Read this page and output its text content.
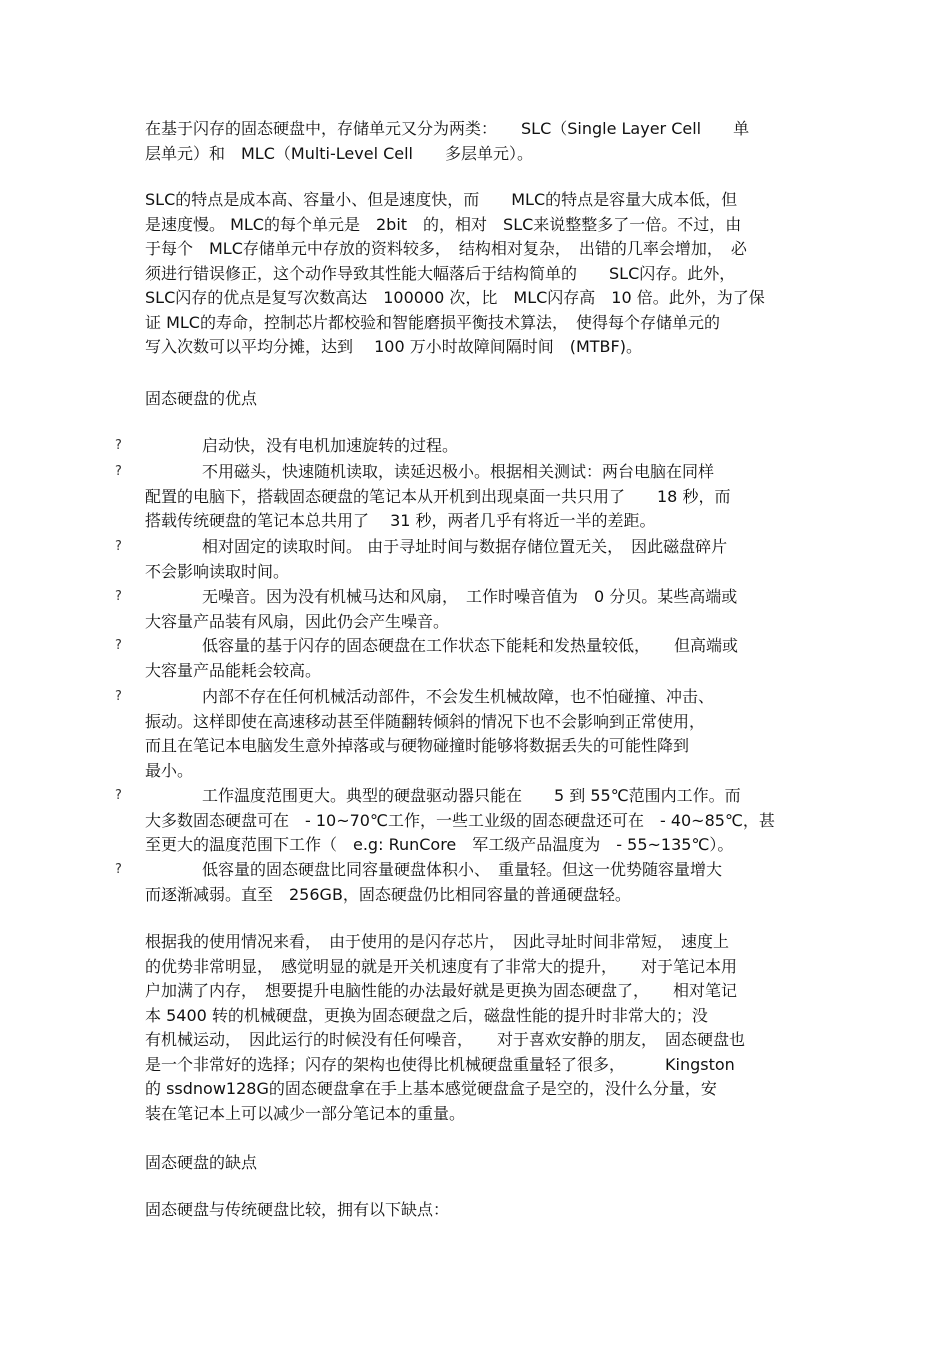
在基于闪存的固态硬盘中，存储单元又分为两类：　　SLC（Single Layer Cell　　单
层单元）和　MLC（Multi-Level Cell　　多层单元）。
SLC的特点是成本高、容量小、但是速度快，而　　MLC的特点是容量大成本低，但
是速度慢。 MLC的每个单元是　2bit　的，相对　SLC来说整整多了一倍。不过，由
于每个　MLC存储单元中存放的资料较多，　结构相对复杂，　出错的几率会增加，　必
须进行错误修正，这个动作导致其性能大幅落后于结构简单的　　SLC闪存。此外，
SLC闪存的优点是复写次数高达　100000 次，比　MLC闪存高　10 倍。此外，为了保
证 MLC的寿命，控制芯片都校验和智能磨损平衡技术算法，　使得每个存储单元的
写入次数可以平均分摊，达到　 100 万小时故障间隔时间　(MTBF)。
固态硬盘的优点
?	启动快，没有电机加速旋转的过程。
?	不用磁头，快速随机读取，读延迟极小。根据相关测试：两台电脑在同样
配置的电脑下，搭载固态硬盘的笔记本从开机到出现桌面一共只用了　　18 秒，而
搭载传统硬盘的笔记本总共用了　 31 秒，两者几乎有将近一半的差距。
?	相对固定的读取时间。 由于寻址时间与数据存储位置无关，　因此磁盘碎片
不会影响读取时间。
?	无噪音。因为没有机械马达和风扇，　工作时噪音值为　0 分贝。某些高端或
大容量产品装有风扇，因此仍会产生噪音。
?	低容量的基于闪存的固态硬盘在工作状态下能耗和发热量较低，　　但高端或
大容量产品能耗会较高。
?	内部不存在任何机械活动部件，不会发生机械故障，也不怕碰撞、冲击、
振动。这样即使在高速移动甚至伴随翻转倾斜的情况下也不会影响到正常使用，
而且在笔记本电脑发生意外掉落或与硬物碰撞时能够将数据丢失的可能性降到
最小。
?	工作温度范围更大。典型的硬盘驱动器只能在　　5 到 55℃范围内工作。而
大多数固态硬盘可在　- 10~70℃工作，一些工业级的固态硬盘还可在　- 40~85℃，甚
至更大的温度范围下工作（　e.g: RunCore　军工级产品温度为　- 55~135℃）。
?	低容量的固态硬盘比同容量硬盘体积小、　重量轻。但这一优势随容量增大
而逐渐减弱。直至　256GB，固态硬盘仍比相同容量的普通硬盘轻。
根据我的使用情况来看，　由于使用的是闪存芯片，　因此寻址时间非常短，　速度上
的优势非常明显，　感觉明显的就是开关机速度有了非常大的提升，　　对于笔记本用
户加满了内存，　想要提升电脑性能的办法最好就是更换为固态硬盘了，　　相对笔记
本 5400 转的机械硬盘，更换为固态硬盘之后，磁盘性能的提升时非常大的；没
有机械运动，　因此运行的时候没有任何噪音，　　对于喜欢安静的朋友，　固态硬盘也
是一个非常好的选择；闪存的架构也使得比机械硬盘重量轻了很多，　　　Kingston
的 ssdnow128G的固态硬盘拿在手上基本感觉硬盘盒子是空的，没什么分量，安
装在笔记本上可以减少一部分笔记本的重量。
固态硬盘的缺点
固态硬盘与传统硬盘比较，拥有以下缺点：
